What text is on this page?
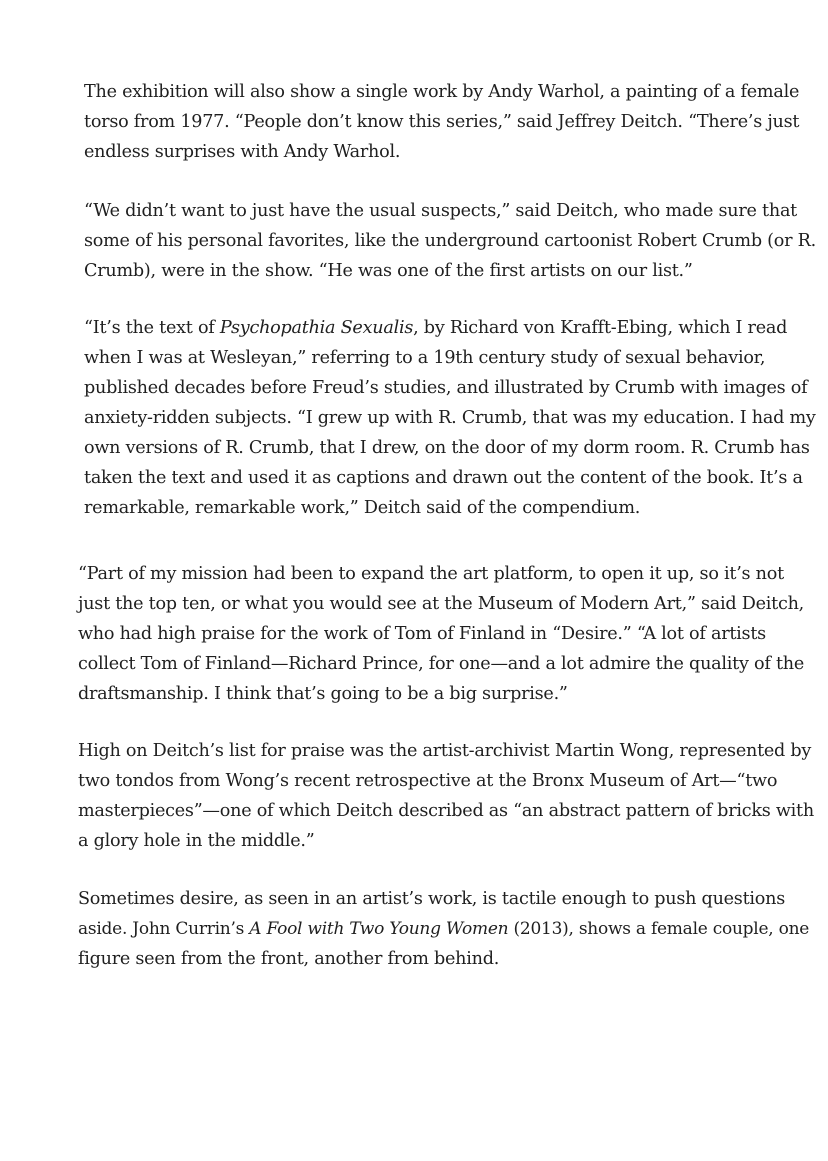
The exhibition will also show a single work by Andy Warhol, a painting of a female
torso from 1977. “People don’t know this series,” said Jeffrey Deitch. “There’s just
endless surprises with Andy Warhol.

“We didn’t want to just have the usual suspects,” said Deitch, who made sure that
some of his personal favorites, like the underground cartoonist Robert Crumb (or R.
Crumb), were in the show. “He was one of the first artists on our list.”

“It’s the text of Psychopathia Sexualis, by Richard von Krafft-Ebing, which I read
when I was at Wesleyan,” referring to a 19th century study of sexual behavior,
published decades before Freud’s studies, and illustrated by Crumb with images of
anxiety-ridden subjects. “I grew up with R. Crumb, that was my education. I had my
own versions of R. Crumb, that I drew, on the door of my dorm room. R. Crumb has
taken the text and used it as captions and drawn out the content of the book. It’s a
remarkable, remarkable work,” Deitch said of the compendium.

“Part of my mission had been to expand the art platform, to open it up, so it’s not
just the top ten, or what you would see at the Museum of Modern Art,” said Deitch,
who had high praise for the work of Tom of Finland in “Desire.” “A lot of artists
collect Tom of Finland—Richard Prince, for one—and a lot admire the quality of the
draftsmanship. I think that’s going to be a big surprise.”

High on Deitch’s list for praise was the artist-archivist Martin Wong, represented by
two tondos from Wong’s recent retrospective at the Bronx Museum of Art—“two
masterpieces”—one of which Deitch described as “an abstract pattern of bricks with
a glory hole in the middle.”

Sometimes desire, as seen in an artist’s work, is tactile enough to push questions
aside. John Currin’s A Fool with Two Young Women (2013), shows a female couple, one
figure seen from the front, another from behind.
